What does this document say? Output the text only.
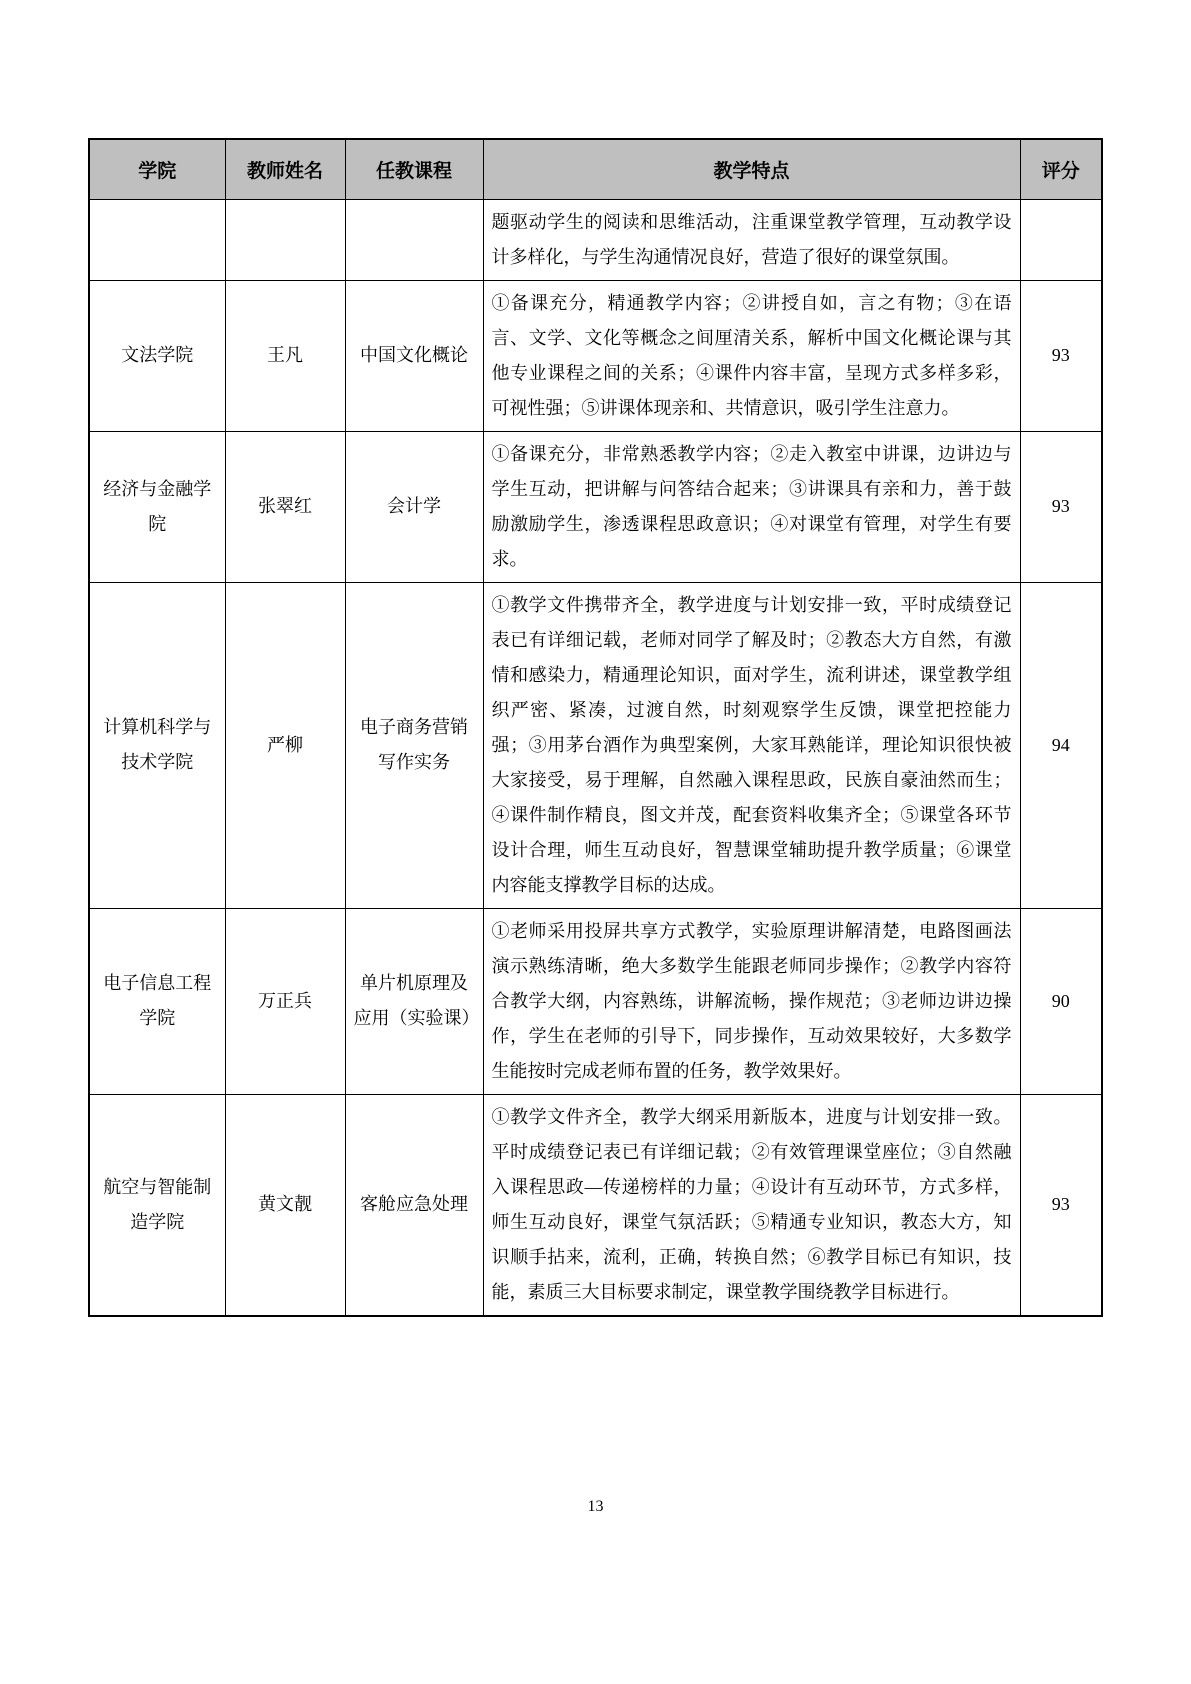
学院	教师姓名	任教课程	教学特点	评分
			题驱动学生的阅读和思维活动，注重课堂教学管理，互动教学设计多样化，与学生沟通情况良好，营造了很好的课堂氛围。	
文法学院	王凡	中国文化概论	①备课充分，精通教学内容；②讲授自如，言之有物；③在语言、文学、文化等概念之间厘清关系，解析中国文化概论课与其他专业课程之间的关系；④课件内容丰富，呈现方式多样多彩，可视性强；⑤讲课体现亲和、共情意识，吸引学生注意力。	93
经济与金融学院	张翠红	会计学	①备课充分，非常熟悉教学内容；②走入教室中讲课，边讲边与学生互动，把讲解与问答结合起来；③讲课具有亲和力，善于鼓励激励学生，渗透课程思政意识；④对课堂有管理，对学生有要求。	93
计算机科学与技术学院	严柳	电子商务营销写作实务	①教学文件携带齐全，教学进度与计划安排一致，平时成绩登记表已有详细记载，老师对同学了解及时；②教态大方自然，有激情和感染力，精通理论知识，面对学生，流利讲述，课堂教学组织严密、紧凑，过渡自然，时刻观察学生反馈，课堂把控能力强；③用茅台酒作为典型案例，大家耳熟能详，理论知识很快被大家接受，易于理解，自然融入课程思政，民族自豪油然而生；④课件制作精良，图文并茂，配套资料收集齐全；⑤课堂各环节设计合理，师生互动良好，智慧课堂辅助提升教学质量；⑥课堂内容能支撑教学目标的达成。	94
电子信息工程学院	万正兵	单片机原理及应用（实验课）	①老师采用投屏共享方式教学，实验原理讲解清楚，电路图画法　演示熟练清晰，绝大多数学生能跟老师同步操作；②教学内容符合教学大纲，内容熟练，讲解流畅，操作规范；③老师边讲边操作，学生在老师的引导下，同步操作，互动效果较好，大多数学生能按时完成老师布置的任务，教学效果好。	90
航空与智能制造学院	黄文靓	客舱应急处理	①教学文件齐全，教学大纲采用新版本，进度与计划安排一致。平时成绩登记表已有详细记载；②有效管理课堂座位；③自然融入课程思政—传递榜样的力量；④设计有互动环节，方式多样，师生互动良好，课堂气氛活跃；⑤精通专业知识，教态大方，知识顺手拈来，流利，正确，转换自然；⑥教学目标已有知识，技能，素质三大目标要求制定，课堂教学围绕教学目标进行。	93
13
